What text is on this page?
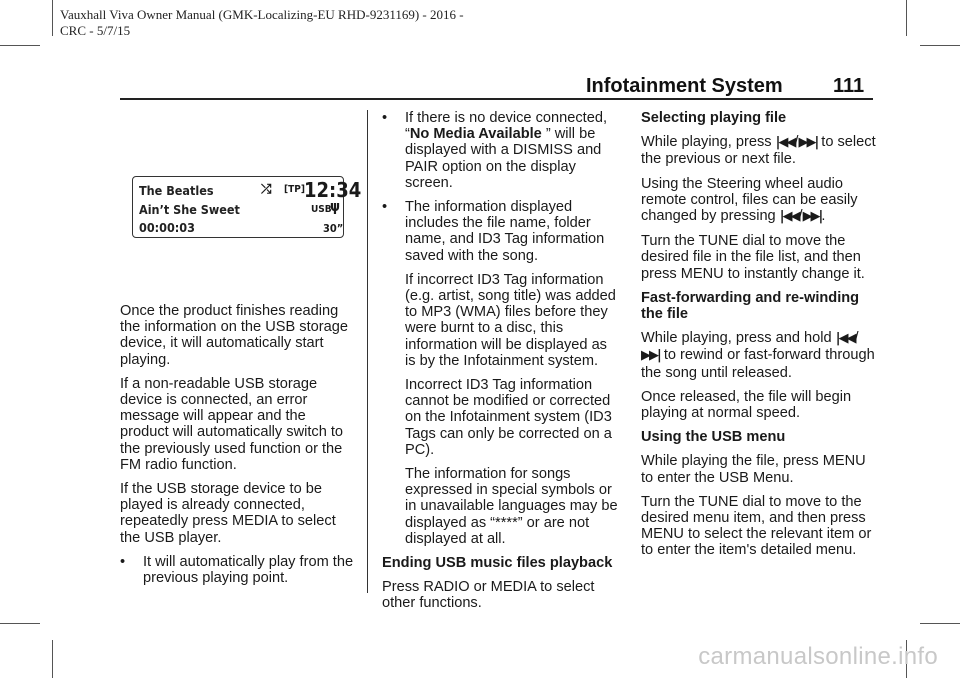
Vauxhall Viva Owner Manual (GMK-Localizing-EU RHD-9231169) - 2016 -
CRC - 5/7/15
Infotainment System	111
The Beatles
Ain’t She Sweet
00:00:03
⤮ [TP] 12:34
USB
ψ
30”

Once the product finishes reading the information on the USB storage device, it will automatically start playing.

If a non-readable USB storage device is connected, an error message will appear and the product will automatically switch to the previously used function or the FM radio function.

If the USB storage device to be played is already connected, repeatedly press MEDIA to select the USB player.

• It will automatically play from the previous playing point.
• If there is no device connected, “No Media Available ” will be displayed with a DISMISS and PAIR option on the display screen.
• The information displayed includes the file name, folder name, and ID3 Tag information saved with the song.

If incorrect ID3 Tag information (e.g. artist, song title) was added to MP3 (WMA) files before they were burnt to a disc, this information will be displayed as is by the Infotainment system.

Incorrect ID3 Tag information cannot be modified or corrected on the Infotainment system (ID3 Tags can only be corrected on a PC).

The information for songs expressed in special symbols or in unavailable languages may be displayed as “****” or are not displayed at all.

Ending USB music files playback

Press RADIO or MEDIA to select other functions.

Selecting playing file

While playing, press |◀◀/▶▶| to select the previous or next file.

Using the Steering wheel audio remote control, files can be easily changed by pressing |◀◀/▶▶|.

Turn the TUNE dial to move the desired file in the file list, and then press MENU to instantly change it.

Fast-forwarding and re-winding the file

While playing, press and hold |◀◀/▶▶| to rewind or fast-forward through the song until released.

Once released, the file will begin playing at normal speed.

Using the USB menu

While playing the file, press MENU to enter the USB Menu.

Turn the TUNE dial to move to the desired menu item, and then press MENU to select the relevant item or to enter the item's detailed menu.

carmanualsonline.info
